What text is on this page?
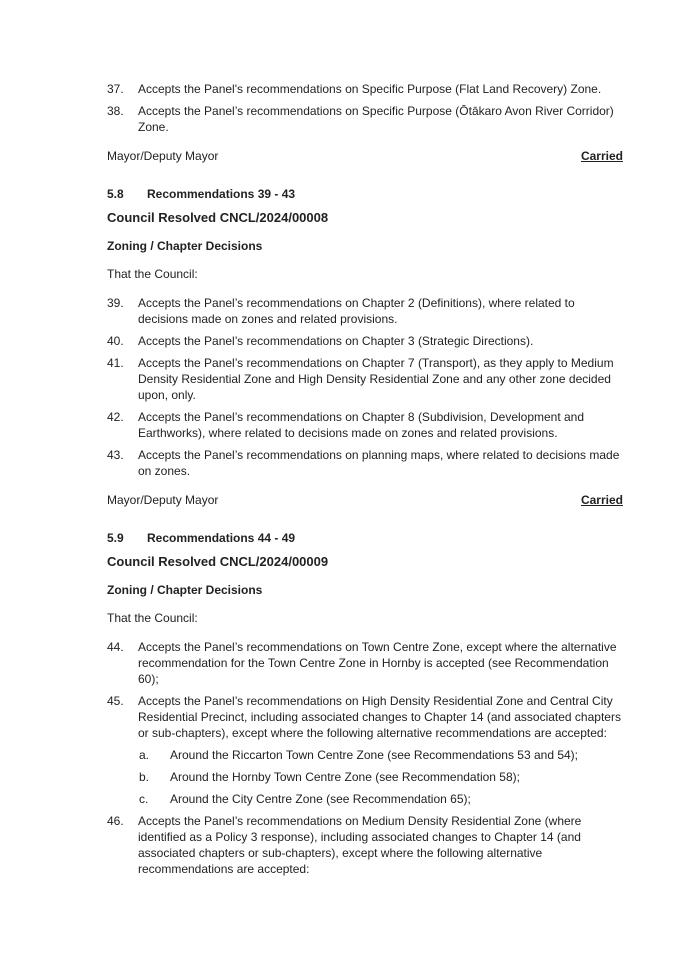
37. Accepts the Panel's recommendations on Specific Purpose (Flat Land Recovery) Zone.
38. Accepts the Panel’s recommendations on Specific Purpose (Ōtākaro Avon River Corridor) Zone.
Mayor/Deputy Mayor	Carried
5.8	Recommendations 39 - 43
Council Resolved CNCL/2024/00008
Zoning / Chapter Decisions
That the Council:
39. Accepts the Panel’s recommendations on Chapter 2 (Definitions), where related to decisions made on zones and related provisions.
40. Accepts the Panel’s recommendations on Chapter 3 (Strategic Directions).
41. Accepts the Panel’s recommendations on Chapter 7 (Transport), as they apply to Medium Density Residential Zone and High Density Residential Zone and any other zone decided upon, only.
42. Accepts the Panel’s recommendations on Chapter 8 (Subdivision, Development and Earthworks), where related to decisions made on zones and related provisions.
43. Accepts the Panel’s recommendations on planning maps, where related to decisions made on zones.
Mayor/Deputy Mayor	Carried
5.9	Recommendations 44 - 49
Council Resolved CNCL/2024/00009
Zoning / Chapter Decisions
That the Council:
44. Accepts the Panel’s recommendations on Town Centre Zone, except where the alternative recommendation for the Town Centre Zone in Hornby is accepted (see Recommendation 60);
45. Accepts the Panel’s recommendations on High Density Residential Zone and Central City Residential Precinct, including associated changes to Chapter 14 (and associated chapters or sub-chapters), except where the following alternative recommendations are accepted:
a. Around the Riccarton Town Centre Zone (see Recommendations 53 and 54);
b. Around the Hornby Town Centre Zone (see Recommendation 58);
c. Around the City Centre Zone (see Recommendation 65);
46. Accepts the Panel’s recommendations on Medium Density Residential Zone (where identified as a Policy 3 response), including associated changes to Chapter 14 (and associated chapters or sub-chapters), except where the following alternative recommendations are accepted:
